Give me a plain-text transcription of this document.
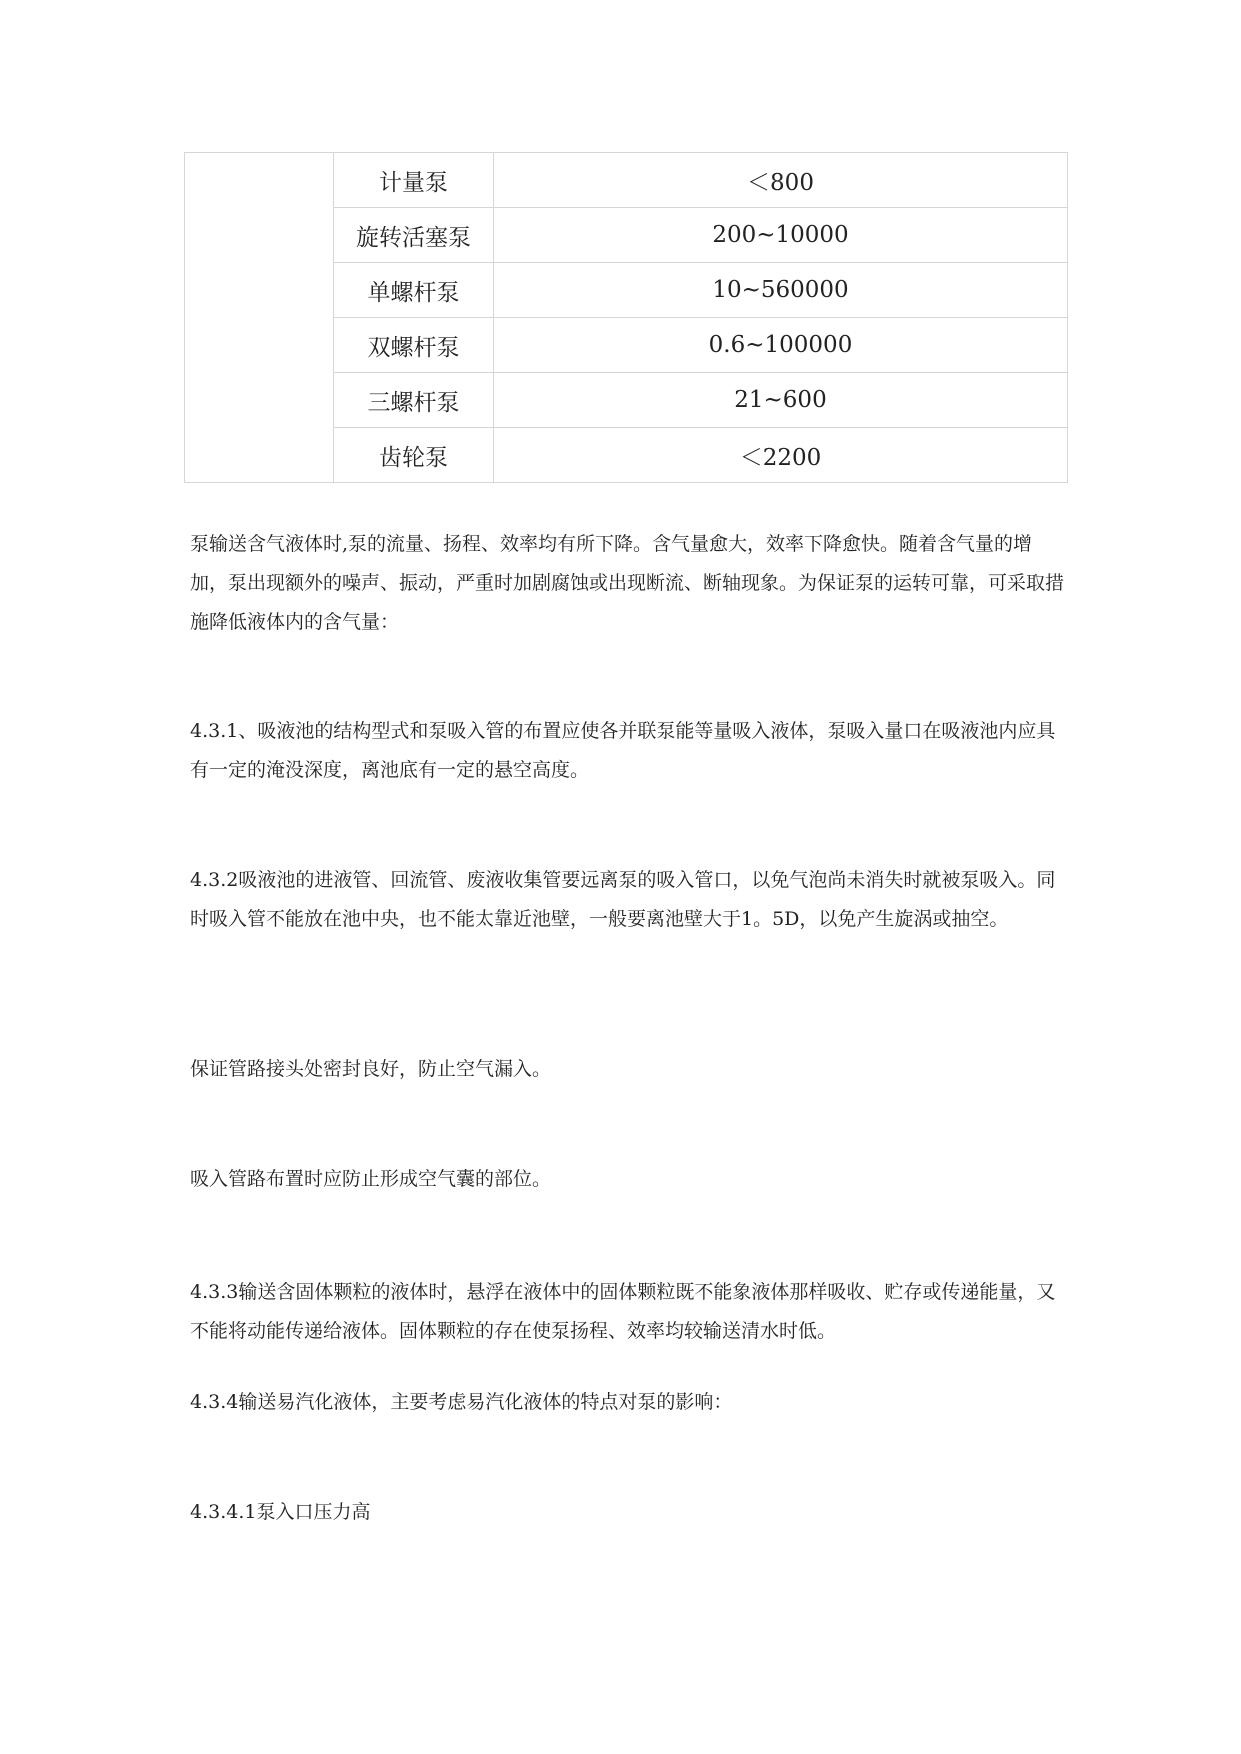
	计量泵	＜800
	旋转活塞泵	200~10000
	单螺杆泵	10~560000
	双螺杆泵	0.6~100000
	三螺杆泵	21~600
	齿轮泵	＜2200

泵输送含气液体时,泵的流量、扬程、效率均有所下降。含气量愈大，效率下降愈快。随着含气量的增加，泵出现额外的噪声、振动，严重时加剧腐蚀或出现断流、断轴现象。为保证泵的运转可靠，可采取措施降低液体内的含气量：

4.3.1、吸液池的结构型式和泵吸入管的布置应使各并联泵能等量吸入液体，泵吸入量口在吸液池内应具有一定的淹没深度，离池底有一定的悬空高度。

4.3.2吸液池的进液管、回流管、废液收集管要远离泵的吸入管口，以免气泡尚未消失时就被泵吸入。同时吸入管不能放在池中央，也不能太靠近池壁，一般要离池壁大于1。5D，以免产生旋涡或抽空。

保证管路接头处密封良好，防止空气漏入。

吸入管路布置时应防止形成空气囊的部位。

4.3.3输送含固体颗粒的液体时，悬浮在液体中的固体颗粒既不能象液体那样吸收、贮存或传递能量，又不能将动能传递给液体。固体颗粒的存在使泵扬程、效率均较输送清水时低。

4.3.4输送易汽化液体，主要考虑易汽化液体的特点对泵的影响：

4.3.4.1泵入口压力高
